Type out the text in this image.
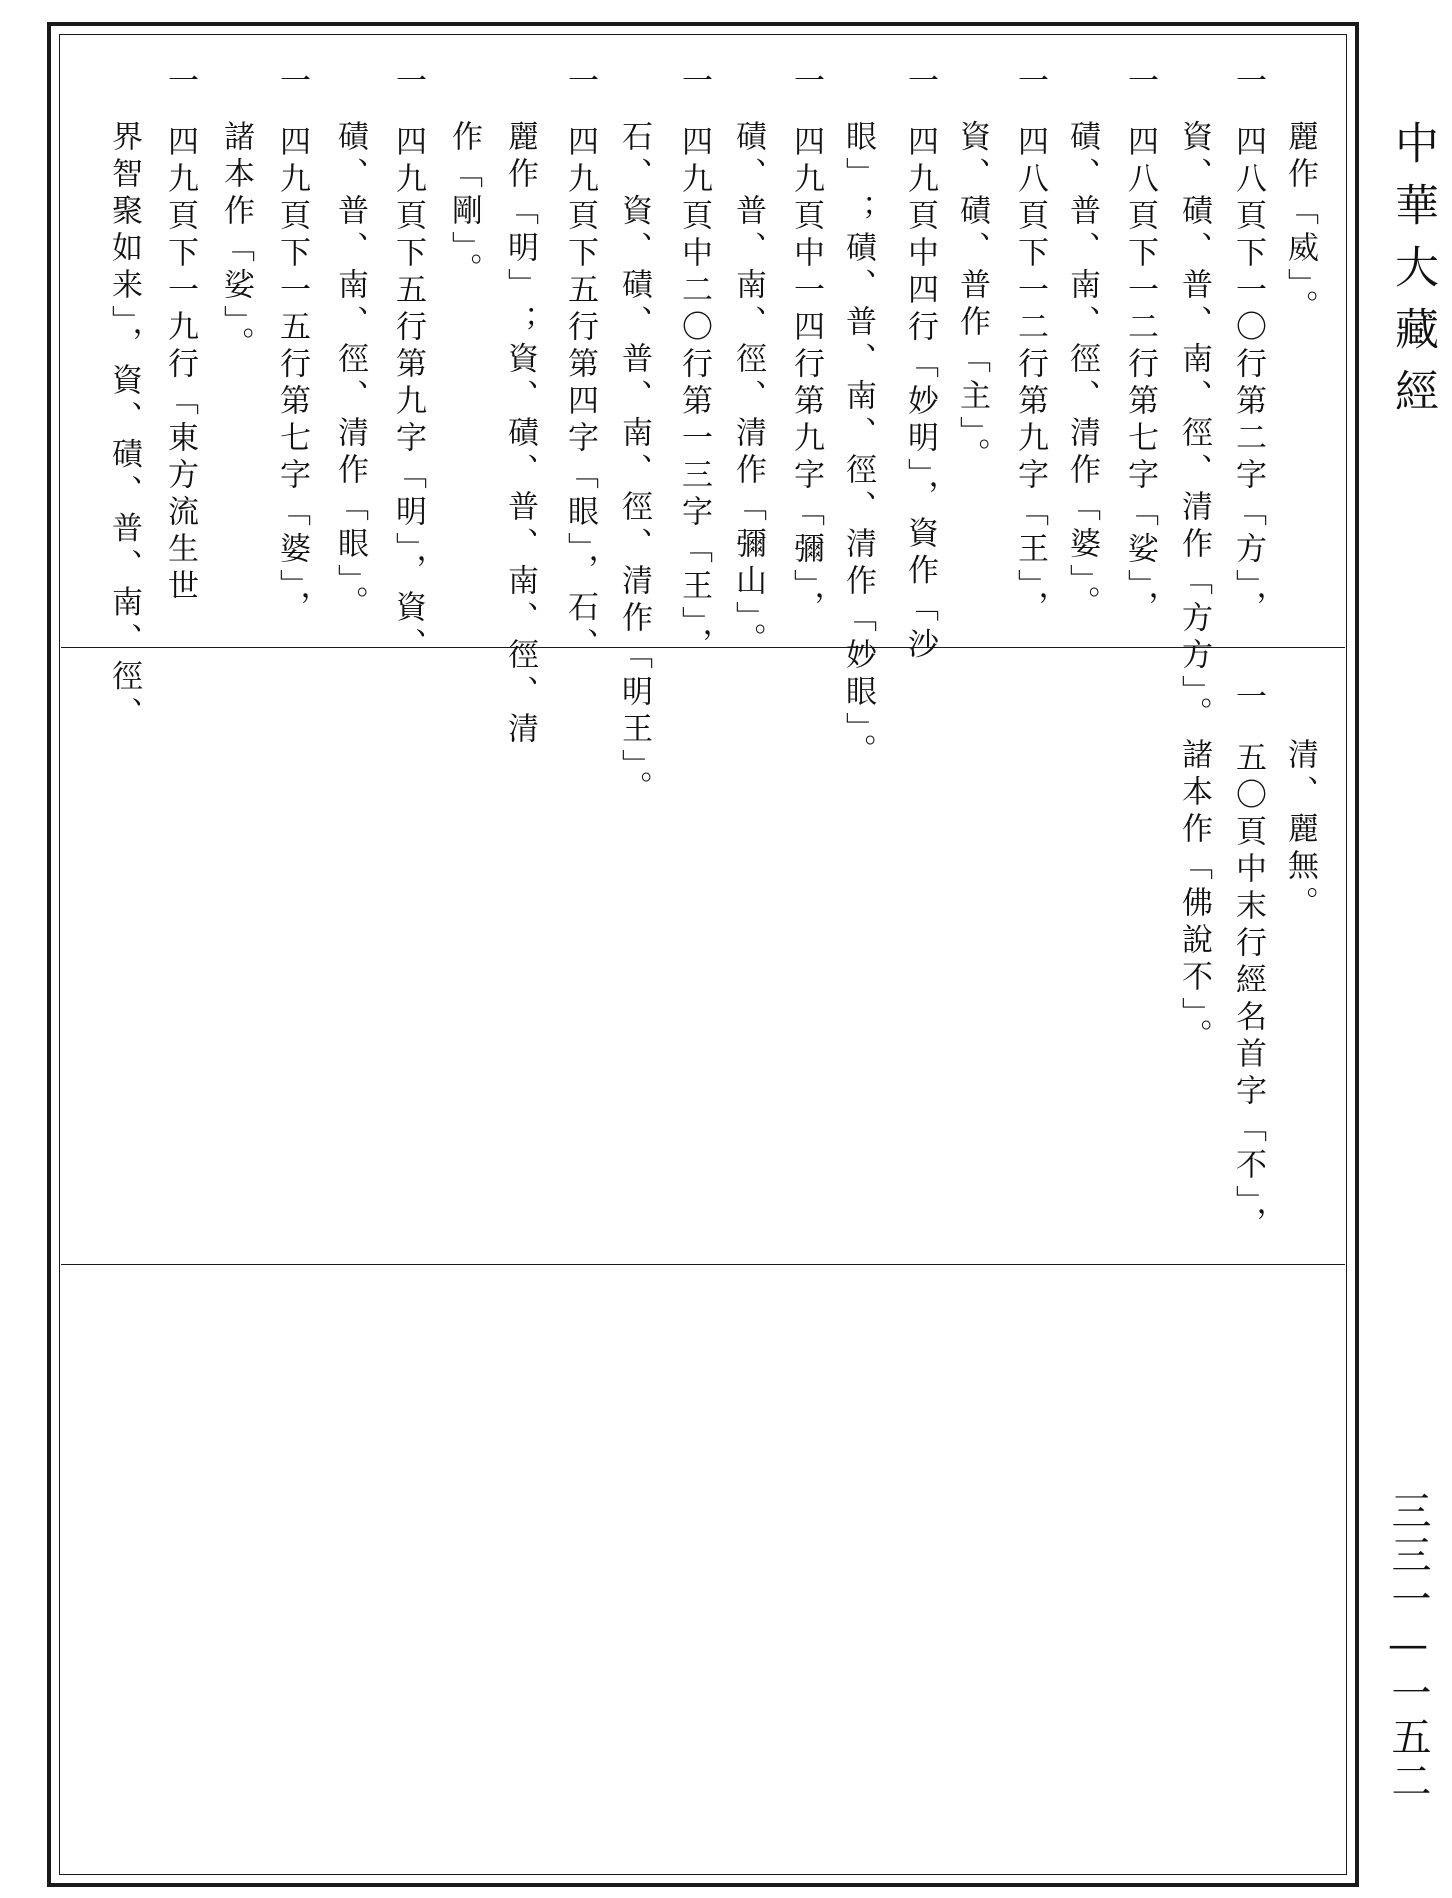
一四八頁下一〇行第二字「方」， 麗作「威」。
一四八頁下一二行第七字「娑」， 資、磧、普、南、徑、清作「方方」。
一四八頁下一二行第九字「王」， 磧、普、南、徑、清作「婆」。
一四九頁中四行「妙明」，資作「沙 資、磧、普作「主」。
一四九頁中一四行第九字「彌」， 眼」；磧、普、南、徑、清作「妙眼」。
一四九頁中二〇行第一三字「王」， 磧、普、南、徑、清作「彌山」。
一四九頁下五行第四字「眼」，石、 石、資、磧、普、南、徑、清作「明王」。
一四九頁下五行第九字「明」，資、 麗作「明」；資、磧、普、南、徑、清
作「剛」。
一四九頁下一五行第七字「婆」， 磧、普、南、徑、清作「眼」。
諸本作「娑」。
一四九頁下一九行「東方流生世
界智聚如来」，資、磧、普、南、徑、	一五〇頁中末行經名首字「不」， 清、麗無。
諸本作「佛說不」。
中華大藏經
三三一—一五二
